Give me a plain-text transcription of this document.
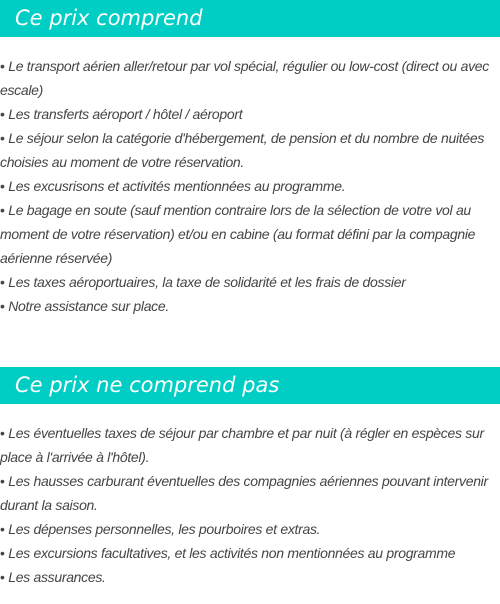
Ce prix comprend
• Le transport aérien aller/retour par vol spécial, régulier ou low-cost (direct ou avec escale)
• Les transferts aéroport / hôtel / aéroport
• Le séjour selon la catégorie d'hébergement, de pension et du nombre de nuitées choisies au moment de votre réservation.
• Les excusrisons et activités mentionnées au programme.
• Le bagage en soute (sauf mention contraire lors de la sélection de votre vol au moment de votre réservation) et/ou en cabine (au format défini par la compagnie aérienne réservée)
• Les taxes aéroportuaires, la taxe de solidarité et les frais de dossier
• Notre assistance sur place.
Ce prix ne comprend pas
• Les éventuelles taxes de séjour par chambre et par nuit (à régler en espèces sur place à l'arrivée à l'hôtel).
• Les hausses carburant éventuelles des compagnies aériennes pouvant intervenir durant la saison.
• Les dépenses personnelles, les pourboires et extras.
• Les excursions facultatives, et les activités non mentionnées au programme
• Les assurances.
